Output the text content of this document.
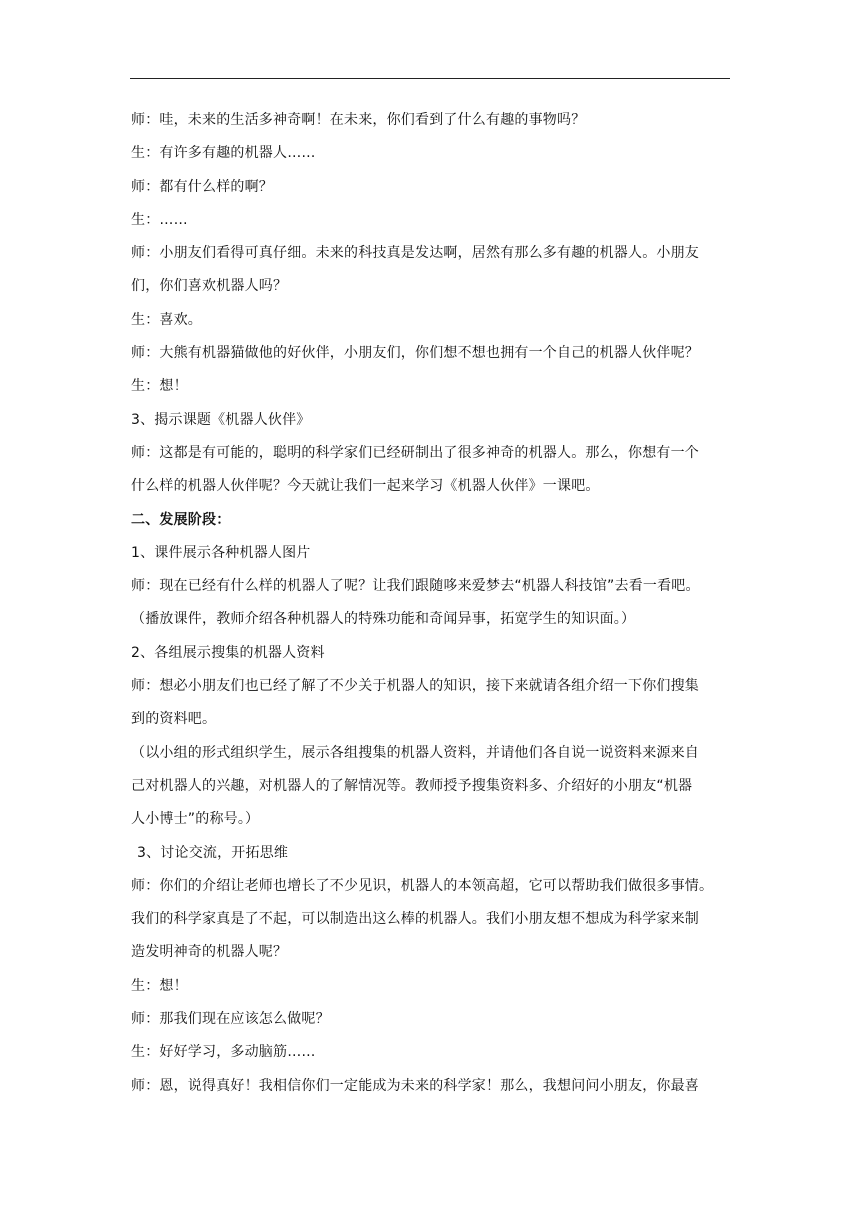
师：哇，未来的生活多神奇啊！在未来，你们看到了什么有趣的事物吗？

生：有许多有趣的机器人……

师：都有什么样的啊？

生：……

师：小朋友们看得可真仔细。未来的科技真是发达啊，居然有那么多有趣的机器人。小朋友

们，你们喜欢机器人吗？

生：喜欢。

师：大熊有机器猫做他的好伙伴，小朋友们，你们想不想也拥有一个自己的机器人伙伴呢？

生：想！

3、揭示课题《机器人伙伴》

师：这都是有可能的，聪明的科学家们已经研制出了很多神奇的机器人。那么，你想有一个

什么样的机器人伙伴呢？今天就让我们一起来学习《机器人伙伴》一课吧。

二、发展阶段：

1、课件展示各种机器人图片

师：现在已经有什么样的机器人了呢？让我们跟随哆来爱梦去“机器人科技馆”去看一看吧。

（播放课件，教师介绍各种机器人的特殊功能和奇闻异事，拓宽学生的知识面。）

2、各组展示搜集的机器人资料

师：想必小朋友们也已经了解了不少关于机器人的知识，接下来就请各组介绍一下你们搜集

到的资料吧。

（以小组的形式组织学生，展示各组搜集的机器人资料，并请他们各自说一说资料来源来自

己对机器人的兴趣，对机器人的了解情况等。教师授予搜集资料多、介绍好的小朋友“机器

人小博士”的称号。）

3、讨论交流，开拓思维

师：你们的介绍让老师也增长了不少见识，机器人的本领高超，它可以帮助我们做很多事情。

我们的科学家真是了不起，可以制造出这么棒的机器人。我们小朋友想不想成为科学家来制

造发明神奇的机器人呢？

生：想！

师：那我们现在应该怎么做呢？

生：好好学习，多动脑筋……

师：恩，说得真好！我相信你们一定能成为未来的科学家！那么，我想问问小朋友，你最喜
